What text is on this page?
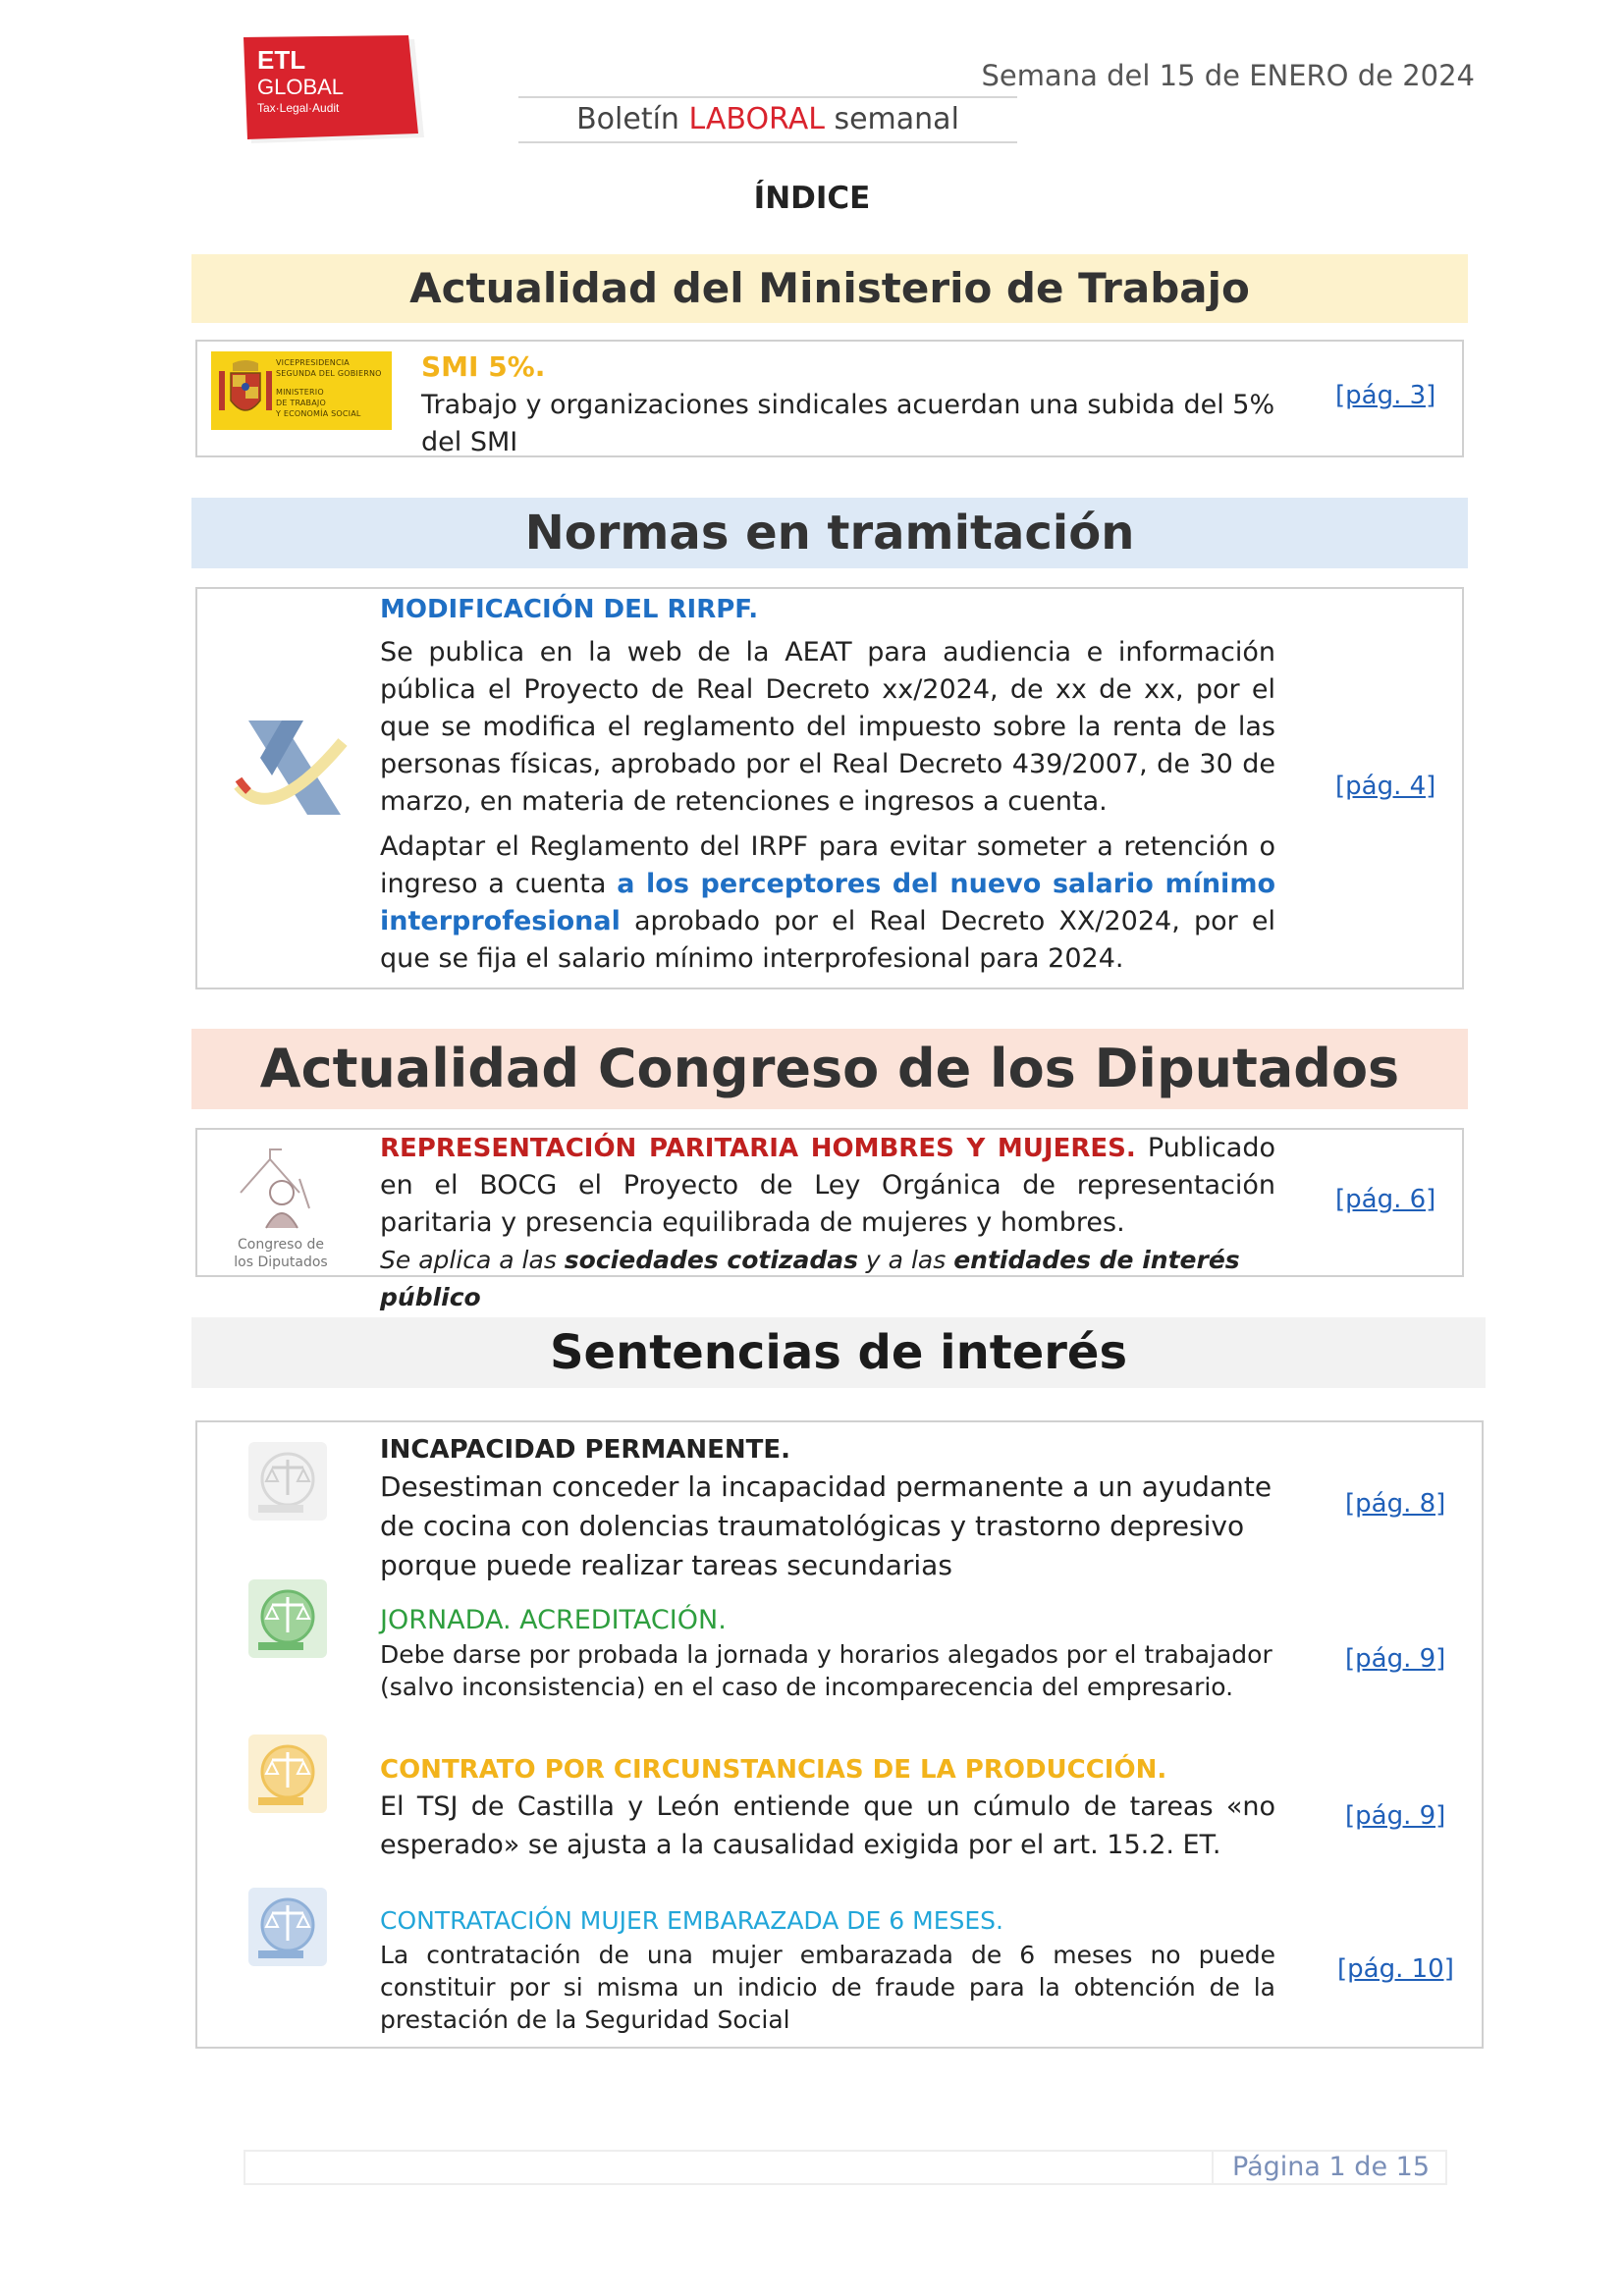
ETL
GLOBAL
Tax·Legal·Audit	Boletín LABORAL semanal
Semana del 15 de ENERO de 2024
ÍNDICE
Actualidad del Ministerio de Trabajo
VICEPRESIDENCIA
SEGUNDA DEL GOBIERNO
MINISTERIO
DE TRABAJO
Y ECONOMÍA SOCIAL
SMI 5%.
Trabajo y organizaciones sindicales acuerdan una subida del 5% del SMI
[pág. 3]
Normas en tramitación
MODIFICACIÓN DEL RIRPF.
Se publica en la web de la AEAT para audiencia e información pública el Proyecto de Real Decreto xx/2024, de xx de xx, por el que se modifica el reglamento del impuesto sobre la renta de las personas físicas, aprobado por el Real Decreto 439/2007, de 30 de marzo, en materia de retenciones e ingresos a cuenta.
Adaptar el Reglamento del IRPF para evitar someter a retención o ingreso a cuenta a los perceptores del nuevo salario mínimo interprofesional aprobado por el Real Decreto XX/2024, por el que se fija el salario mínimo interprofesional para 2024.
[pág. 4]
Actualidad Congreso de los Diputados
Congreso de
los Diputados
REPRESENTACIÓN PARITARIA HOMBRES Y MUJERES. Publicado en el BOCG el Proyecto de Ley Orgánica de representación paritaria y presencia equilibrada de mujeres y hombres.
Se aplica a las sociedades cotizadas y a las entidades de interés público
[pág. 6]
Sentencias de interés
INCAPACIDAD PERMANENTE.
Desestiman conceder la incapacidad permanente a un ayudante de cocina con dolencias traumatológicas y trastorno depresivo porque puede realizar tareas secundarias
[pág. 8]
JORNADA. ACREDITACIÓN.
Debe darse por probada la jornada y horarios alegados por el trabajador (salvo inconsistencia) en el caso de incomparecencia del empresario.
[pág. 9]
CONTRATO POR CIRCUNSTANCIAS DE LA PRODUCCIÓN.
El TSJ de Castilla y León entiende que un cúmulo de tareas «no esperado» se ajusta a la causalidad exigida por el art. 15.2. ET.
[pág. 9]
CONTRATACIÓN MUJER EMBARAZADA DE 6 MESES.
La contratación de una mujer embarazada de 6 meses no puede constituir por si misma un indicio de fraude para la obtención de la prestación de la Seguridad Social
[pág. 10]
Página 1 de 15
